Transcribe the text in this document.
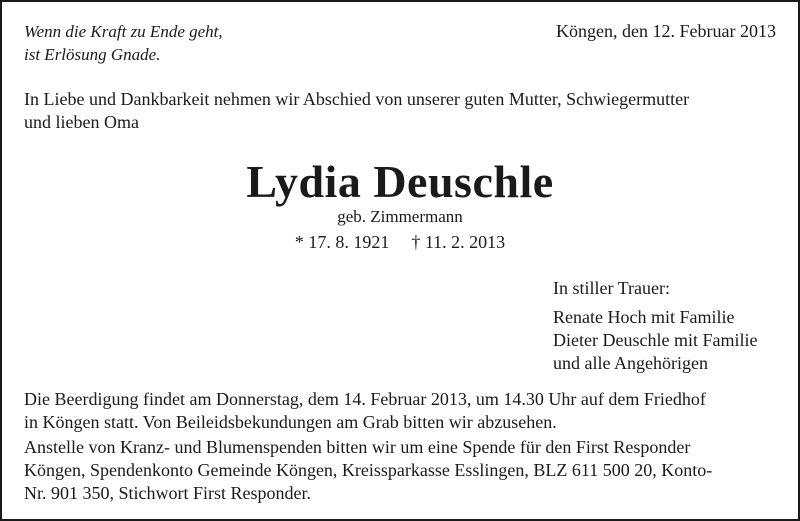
Wenn die Kraft zu Ende geht,
ist Erlösung Gnade.
Köngen, den 12. Februar 2013
In Liebe und Dankbarkeit nehmen wir Abschied von unserer guten Mutter, Schwiegermutter
und lieben Oma
Lydia Deuschle
geb. Zimmermann
* 17. 8. 1921 † 11. 2. 2013
In stiller Trauer:
Renate Hoch mit Familie
Dieter Deuschle mit Familie
und alle Angehörigen
Die Beerdigung findet am Donnerstag, dem 14. Februar 2013, um 14.30 Uhr auf dem Friedhof
in Köngen statt. Von Beileidsbekundungen am Grab bitten wir abzusehen.
Anstelle von Kranz- und Blumenspenden bitten wir um eine Spende für den First Responder
Köngen, Spendenkonto Gemeinde Köngen, Kreissparkasse Esslingen, BLZ 611 500 20, Konto-
Nr. 901 350, Stichwort First Responder.
